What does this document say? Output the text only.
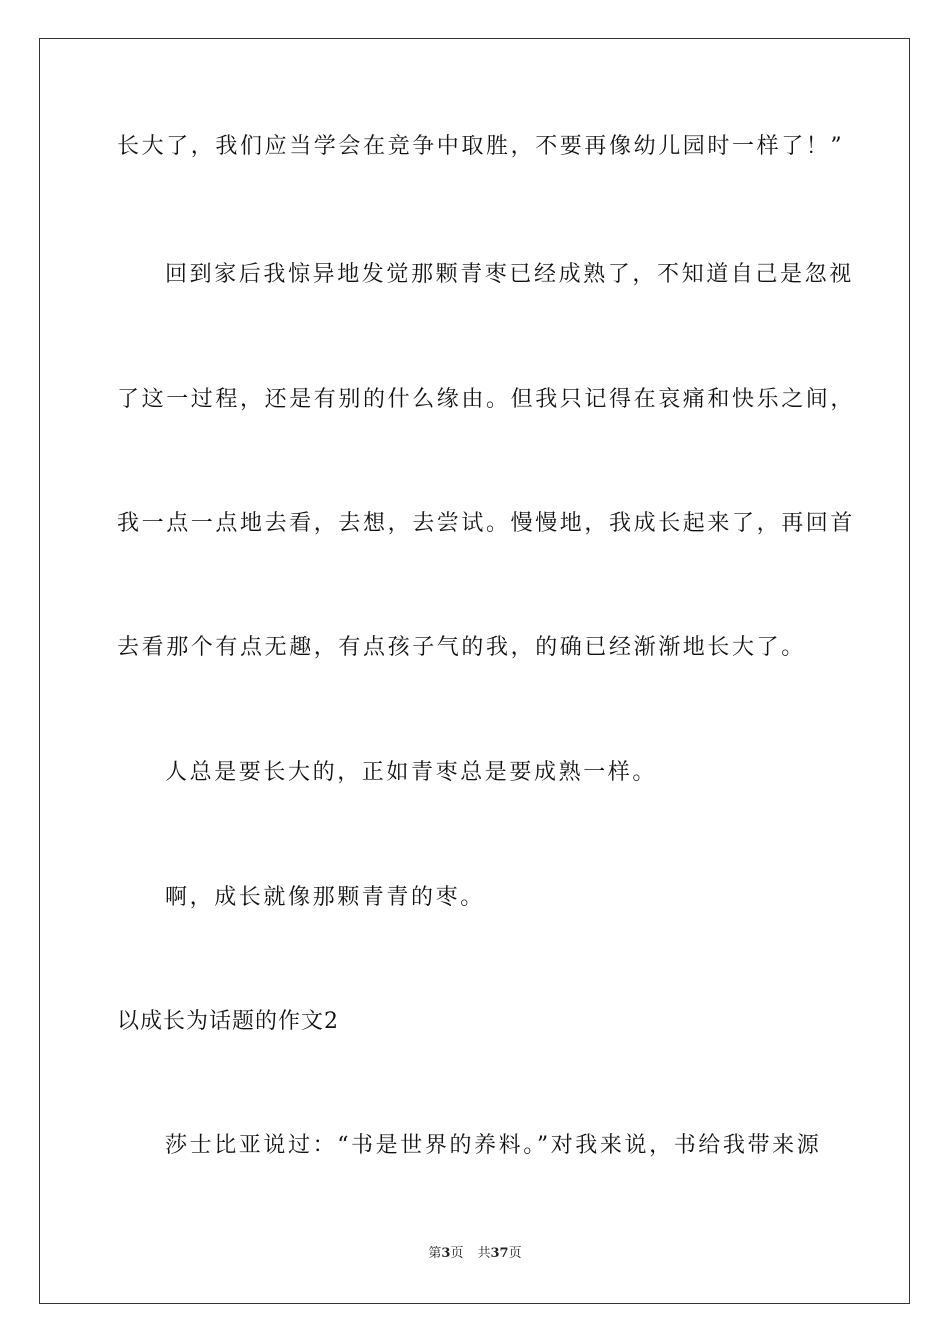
长大了，我们应当学会在竞争中取胜，不要再像幼儿园时一样了！”
回到家后我惊异地发觉那颗青枣已经成熟了，不知道自己是忽视
了这一过程，还是有别的什么缘由。但我只记得在哀痛和快乐之间，
我一点一点地去看，去想，去尝试。慢慢地，我成长起来了，再回首
去看那个有点无趣，有点孩子气的我，的确已经渐渐地长大了。
人总是要长大的，正如青枣总是要成熟一样。
啊，成长就像那颗青青的枣。
以成长为话题的作文2
莎士比亚说过：“书是世界的养料。”对我来说，书给我带来源
第3页 共37页
